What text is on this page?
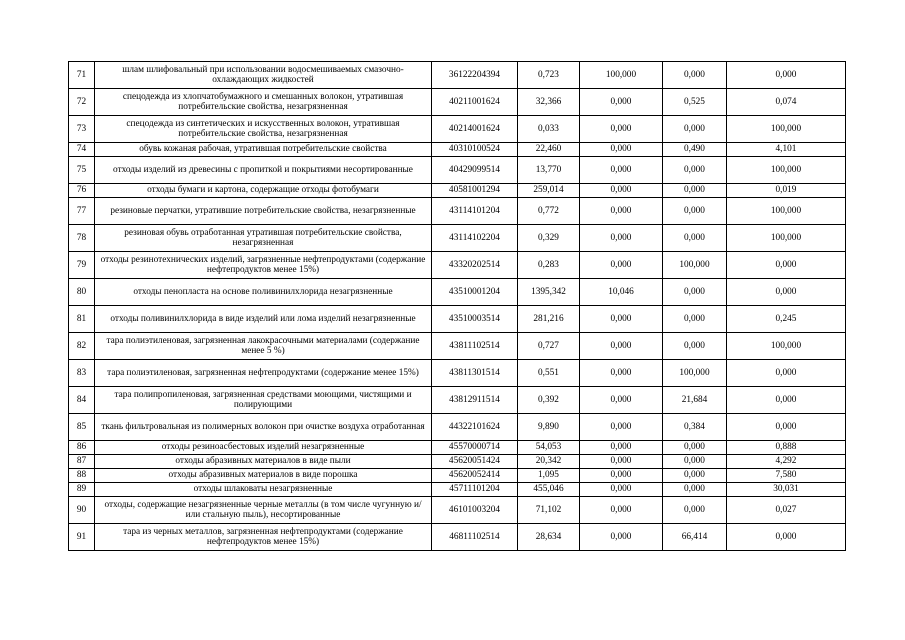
71	шлам шлифовальный при использовании водосмешиваемых смазочно-охлаждающих жидкостей	36122204394	0,723	100,000	0,000	0,000
72	спецодежда из хлопчатобумажного и смешанных волокон, утратившая потребительские свойства, незагрязненная	40211001624	32,366	0,000	0,525	0,074
73	спецодежда из синтетических и искусственных волокон, утратившая потребительские свойства, незагрязненная	40214001624	0,033	0,000	0,000	100,000
74	обувь кожаная рабочая, утратившая потребительские свойства	40310100524	22,460	0,000	0,490	4,101
75	отходы изделий из древесины с пропиткой и покрытиями несортированные	40429099514	13,770	0,000	0,000	100,000
76	отходы бумаги и картона, содержащие отходы фотобумаги	40581001294	259,014	0,000	0,000	0,019
77	резиновые перчатки, утратившие потребительские свойства, незагрязненные	43114101204	0,772	0,000	0,000	100,000
78	резиновая обувь отработанная утратившая потребительские свойства, незагрязненная	43114102204	0,329	0,000	0,000	100,000
79	отходы резинотехнических изделий, загрязненные нефтепродуктами (содержание нефтепродуктов менее 15%)	43320202514	0,283	0,000	100,000	0,000
80	отходы пенопласта на основе поливинилхлорида незагрязненные	43510001204	1395,342	10,046	0,000	0,000
81	отходы поливинилхлорида в виде изделий или лома изделий незагрязненные	43510003514	281,216	0,000	0,000	0,245
82	тара полиэтиленовая, загрязненная лакокрасочными материалами (содержание менее 5 %)	43811102514	0,727	0,000	0,000	100,000
83	тара полиэтиленовая, загрязненная нефтепродуктами (содержание менее 15%)	43811301514	0,551	0,000	100,000	0,000
84	тара полипропиленовая, загрязненная средствами моющими, чистящими и полирующими	43812911514	0,392	0,000	21,684	0,000
85	ткань фильтровальная из полимерных волокон при очистке воздуха отработанная	44322101624	9,890	0,000	0,384	0,000
86	отходы резиноасбестовых изделий незагрязненные	45570000714	54,053	0,000	0,000	0,888
87	отходы абразивных материалов в виде пыли	45620051424	20,342	0,000	0,000	4,292
88	отходы абразивных материалов в виде порошка	45620052414	1,095	0,000	0,000	7,580
89	отходы шлаковаты незагрязненные	45711101204	455,046	0,000	0,000	30,031
90	отходы, содержащие незагрязненные черные металлы (в том числе чугунную и/или стальную пыль), несортированные	46101003204	71,102	0,000	0,000	0,027
91	тара из черных металлов, загрязненная нефтепродуктами (содержание нефтепродуктов менее 15%)	46811102514	28,634	0,000	66,414	0,000
